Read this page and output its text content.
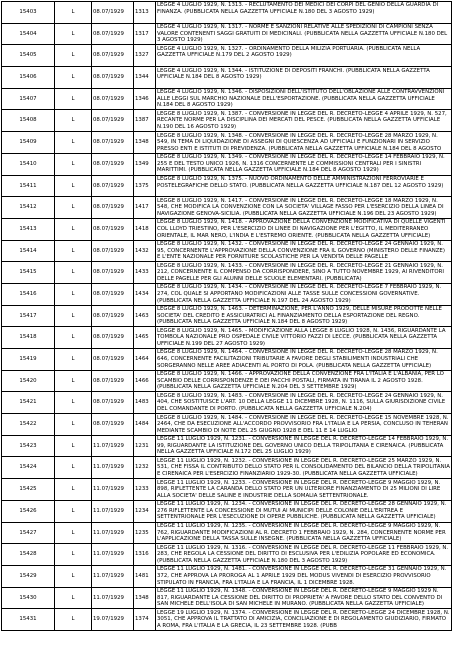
15403	L	08.07/1929	1313	LEGGE 4 LUGLIO 1929, N. 1313. - RECLUTAMENTO DEI MEDICI DEI CORPI DEL GENIO DELLA GUARDIA DI FINANZA. (PUBBLICATA NELLA GAZZETTA UFFICIALE N.180 DEL 3 AGOSTO 1929)

15404	L	08.07/1929	1317	LEGGE 4 LUGLIO 1929, N. 1317. - NORME E SANZIONI RELATIVE ALLE SPEDIZIONI DI CAMPIONI SENZA VALORE CONTENENTI SAGGI GRATUITI DI MEDICINALI. (PUBBLICATA NELLA GAZZETTA UFFICIALE N.180 DEL 3 AGOSTO 1929)

15405	L	08.07/1929	1327	LEGGE 4 LUGLIO 1929, N. 1327. - ORDINAMENTO DELLA MILIZIA PORTUARIA. (PUBBLICATA NELLA GAZZETTA UFFICIALE N.179 DEL 2 AGOSTO 1929)

15406	L	08.07/1929	1344	LEGGE 4 LUGLIO 1929, N. 1344. - ISTITUZIONE DI DEPOSITI FRANCHI. (PUBBLICATA NELLA GAZZETTA UFFICIALE N.184 DEL 8 AGOSTO 1929)

15407	L	08.07/1929	1346	LEGGE 4 LUGLIO 1929, N. 1346. - DISPOSIZIONI DELL'ISTITUTO DELL'OBLAZIONE ALLE CONTRAVVENZIONI ALLE LEGGI SUL MARCHIO NAZIONALE DELL'ESPORTAZIONE. (PUBBLICATA NELLA GAZZETTA UFFICIALE N.184 DEL 8 AGOSTO 1929)

15408	L	08.07/1929	1387	LEGGE 8 LUGLIO 1929, N. 1387. - CONVERSIONE IN LEGGE DEL R. DECRETO-LEGGE 4 APRILE 1929, N. 527, RECANTE NORME PER LA DISCIPLINA DEI MERCATI DEL PESCE. (PUBBLICATA NELLA GAZZETTA UFFICIALE N.190 DEL 16 AGOSTO 1929)

15409	L	08.07/1929	1348	LEGGE 8 LUGLIO 1929, N. 1348. - CONVERSIONE IN LEGGE DEL R. DECRETO-LEGGE 28 MARZO 1929, N. 549, IN TEMA DI LIQUIDAZIONE DI ASSEGNI DI QUIESCENZA AD UFFICIALI E FUNZIONARI IN SERVIZIO PRESSO ENTI E ISTITUTI DI PREVIDENZA. (PUBBLICATA NELLA GAZZETTA UFFICIALE N.184 DEL 8 AGOSTO

15410	L	08.07/1929	1349	LEGGE 8 LUGLIO 1929, N. 1349. - CONVERSIONE IN LEGGE DEL R. DECRETO-LEGGE 14 FEBBRAIO 1929, N. 255 E DEL TESTO UNICO 1926, N. 1316 CONCERNENTE LE COMMISSIONI CENTRALI PER I SINISTRI MARITTIMI. (PUBBLICATA NELLA GAZZETTA UFFICIALE N.184 DEL 8 AGOSTO 1929)

15411	L	08.07/1929	1375	LEGGE 8 LUGLIO 1929, N. 1375. - NUOVO ORDINAMENTO DELLE AMMINISTRAZIONI FERROVIARIE E POSTELEGRAFICHE DELLO STATO. (PUBBLICATA NELLA GAZZETTA UFFICIALE N.187 DEL 12 AGOSTO 1929)

15412	L	08.07/1929	1417	LEGGE 8 LUGLIO 1929, N. 1417. - CONVERSIONE IN LEGGE DEL R. DECRETO-LEGGE 18 MARZO 1929, N. 548, CHE MODIFICA LA CONVENZIONE CON LA SOCIETA' VILLAGE FASSO PER L'ESERCIZIO DELLA LINEA DI NAVIGAZIONE GENOVA-SICILIA. (PUBBLICATA NELLA GAZZETTA UFFICIALE N.196 DEL 23 AGOSTO 1929)

15413	L	08.07/1929	1418	LEGGE 8 LUGLIO 1929, N. 1418. - APPROVAZIONE DELLA CONVENZIONE MODIFICATIVA DI QUELLE VIGENTI COL LLOYD TRIESTINO, PER L'ESERCIZIO DI LINEE DI NAVIGAZIONE PER L'EGITTO, IL MEDITERRANEO ORIENTALE, IL MAR NERO, L'INDIA E L'ESTREMO ORIENTE. (PUBBLICATA NELLA GAZZETTA UFFICIALE)

15414	L	08.07/1929	1432	LEGGE 8 LUGLIO 1929, N. 1432. - CONVERSIONE IN LEGGE DEL R. DECRETO-LEGGE 24 GENNAIO 1929, N. 95, CONCERNENTE L'APPROVAZIONE DELLA CONVENZIONE FRA IL GOVERNO (MINISTERO DELLE FINANZE) E L'ENTE NAZIONALE PER FORNITURE SCOLASTICHE PER LA VENDITA DELLE PAGELLE

15415	L	08.07/1929	1433	LEGGE 8 LUGLIO 1929, N. 1433. - CONVERSIONE IN LEGGE DEL R. DECRETO-LEGGE 21 GENNAIO 1929, N. 212, CONCERNENTE IL COMPENSO DA CORRISPONDERE, SINO A TUTTO NOVEMBRE 1929, AI RIVENDITORI DELLE PAGELLE PER GLI ALUNNI DELLE SCUOLE ELEMENTARI. (PUBBLICATA)

15416	L	08.07/1929	1434	LEGGE 8 LUGLIO 1929, N. 1434. - CONVERSIONE IN LEGGE DEL R. DECRETO-LEGGE 7 FEBBRAIO 1929, N. 274, COL QUALE SI APPORTANO MODIFICAZIONI ALLE TASSE SULLE CONCESSIONI GOVERNATIVE. (PUBBLICATA NELLA GAZZETTA UFFICIALE N.197 DEL 24 AGOSTO 1929)

15417	L	08.07/1929	1463	LEGGE 8 LUGLIO 1929, N. 1463. - DETERMINAZIONE, PER L'ANNO 1929, DELLE MISURE PRODOTTE NELLE SOCIETA' DEL CREDITO E ASSICURATRICI AL FINANZIAMENTO DELLA ESPORTAZIONE DEL REGNO. (PUBBLICATA NELLA GAZZETTA UFFICIALE N.184 DEL 8 AGOSTO 1929)

15418	L	08.07/1929	1465	LEGGE 8 LUGLIO 1929, N. 1465. - MODIFICAZIONE ALLA LEGGE 8 LUGLIO 1928, N. 1436, RIGUARDANTE LA TOMBOLA NAZIONALE PRO OSPEDALE CIVILE VITTORIO FAZZI DI LECCE. (PUBBLICATA NELLA GAZZETTA UFFICIALE N.199 DEL 27 AGOSTO 1929)

15419	L	08.07/1929	1464	LEGGE 8 LUGLIO 1929, N. 1464. - CONVERSIONE IN LEGGE DEL R. DECRETO-LEGGE 28 MARZO 1929, N. 646, CONCERNENTE FACILITAZIONI TRIBUTARIE A FAVORE DEGLI STABILIMENTI INDUSTRIALI CHE SORGERANNO NELLE AREE ADIACENTI AL PORTO DI POLA. (PUBBLICATA NELLA GAZZETTA UFFICIALE)

15420	L	08.07/1929	1466	LEGGE 8 LUGLIO 1929, N. 1466. - APPROVAZIONE DELLA CONVENZIONE FRA L'ITALIA E L'ALBANIA, PER LO SCAMBIO DELLE CORRISPONDENZE E DEI PACCHI POSTALI, FIRMATA IN TIRANA IL 2 AGOSTO 1928. (PUBBLICATA NELLA GAZZETTA UFFICIALE N.204 DEL 3 SETTEMBRE 1929)

15421	L	08.07/1929	1483	LEGGE 8 LUGLIO 1929, N. 1483. - CONVERSIONE IN LEGGE DEL R. DECRETO-LEGGE 24 GENNAIO 1929, N. 404, CHE SOSTITUISCE L'ART. 10 DELLA LEGGE 11 DICEMBRE 1928, N. 1116, SULLA GIURISDIZIONE CIVILE DEL COMANDANTE DI PORTO. (PUBBLICATA NELLA GAZZETTA UFFICIALE N.204)

15422	L	08.07/1929	1484	LEGGE 8 LUGLIO 1929, N. 1484. - CONVERSIONE IN LEGGE DEL R. DECRETO-LEGGE 15 NOVEMBRE 1928, N. 2464, CHE DA ESECUZIONE ALL'ACCORDO PROVVISORIO FRA L'ITALIA E LA PERSIA, CONCLUSO IN TEHERAN MEDIANTE SCAMBIO DI NOTE DEL 25 GIUGNO 1928 E DEL 11 E 14 LUGLIO

15423	L	11.07/1929	1231	LEGGE 11 LUGLIO 1929, N. 1231. - CONVERSIONE IN LEGGE DEL R. DECRETO-LEGGE 14 FEBBRAIO 1929, N. 99, RIGUARDANTE LA ISTITUZIONE DEL GOVERNO UNICO DELLA TRIPOLITANIA E CIRENAICA. (PUBBLICATA NELLA GAZZETTA UFFICIALE N.172 DEL 25 LUGLIO 1929)

15424	L	11.07/1929	1232	LEGGE 11 LUGLIO 1929, N. 1232. - CONVERSIONE IN LEGGE DEL R. DECRETO-LEGGE 25 MARZO 1929, N. 531, CHE FISSA IL CONTRIBUTO DELLO STATO PER IL CONSOLIDAMENTO DEL BILANCIO DELLA TRIPOLITANIA E CIRENAICA PER L'ESERCIZIO FINANZIARIO 1929-30. (PUBBLICATA NELLA GAZZETTA UFFICIALE)

15425	L	11.07/1929	1233	LEGGE 11 LUGLIO 1929, N. 1233. - CONVERSIONE IN LEGGE DEL R. DECRETO-LEGGE 9 MAGGIO 1929, N. 898, RIFLETTENTE LA CARANDA DELLO STATO PER UN ULTERIORE FINANZIAMENTO DI 25 MILIONI DI LIRE ALLA SOCIETA' DELLE SALINE E INDUSTRIE DELLA SOMALIA SETTENTRIONALE.

15426	L	11.07/1929	1234	LEGGE 11 LUGLIO 1929, N. 1234. - CONVERSIONE IN LEGGE DEL R. DECRETO-LEGGE 28 GENNAIO 1929, N. 276 RIFLETTENTE LA CONCESSIONE DI MUTUI AI MUNICIPI DELLE COLONIE DELL'ERITREA E SETTENTRIONALE PER L'ESECUZIONE DI OPERE PUBBLICHE. (PUBBLICATA NELLA GAZZETTA UFFICIALE)

15427	L	11.07/1929	1235	LEGGE 11 LUGLIO 1929, N. 1235. - CONVERSIONE IN LEGGE DEL R. DECRETO-LEGGE 9 MAGGIO 1929, N. 762, RIGUARDANTE MODIFICAZIONI AL R. DECRETO 1 FEBBRAIO 1929, N. 284, CONCERNENTE NORME PER L'APPLICAZIONE DELLA TASSA SULLE INSEGNE. (PUBBLICATA NELLA GAZZETTA UFFICIALE)

15428	L	11.07/1929	1316	LEGGE 11 LUGLIO 1929, N. 1316. - CONVERSIONE IN LEGGE DEL R. DECRETO-LEGGE 11 FEBBRAIO 1929, N. 283, CHE REGOLA LA CESSIONE DEL DIRITTO DI ESCLUSIVA PER L'EDILIZIA POPOLARE ED ECONOMICA. (PUBBLICATA NELLA GAZZETTA UFFICIALE N.180 DEL 3 AGOSTO 1929)

15429	L	11.07/1929	1481	LEGGE 11 LUGLIO 1929, N. 1481. - CONVERSIONE IN LEGGE DEL R. DECRETO-LEGGE 31 GENNAIO 1929, N. 372, CHE APPROVA LA PROROGA AL 1 APRILE 1929 DEL MODUS VIVENDI DI ESERCIZIO PROVVISORIO STIPULATO IN FRANCIA, FRA L'ITALIA E LA FRANCIA, IL 1 DICEMBRE 1928.

15430	L	11.07/1929	1348	LEGGE 11 LUGLIO 1929, N. 1348. - CONVERSIONE IN LEGGE DEL R. DECRETO-LEGGE 9 MAGGIO 1929 N. 817, RIGUARDANTE LA CESSIONE DEL DIRITTO DI PROPRIETA' A FAVORE DELLO STATO DEL CONVENTO DI SAN MICHELE DELL'ISOLA DI SAN MICHELE IN MURANO. (PUBBLICATA NELLA GAZZETTA UFFICIALE)

15431	L	19.07/1929	1374	LEGGE 19 LUGLIO 1929, N. 1374. - CONVERSIONE IN LEGGE DEL R. DECRETO-LEGGE 24 DICEMBRE 1928, N. 3051, CHE APPROVA IL TRATTATO DI AMICIZIA, CONCILIAZIONE E DI REGOLAMENTO GIUDIZIARIO, FIRMATO A ROMA, FRA L'ITALIA E LA GRECIA, IL 23 SETTEMBRE 1928. (PUBB
